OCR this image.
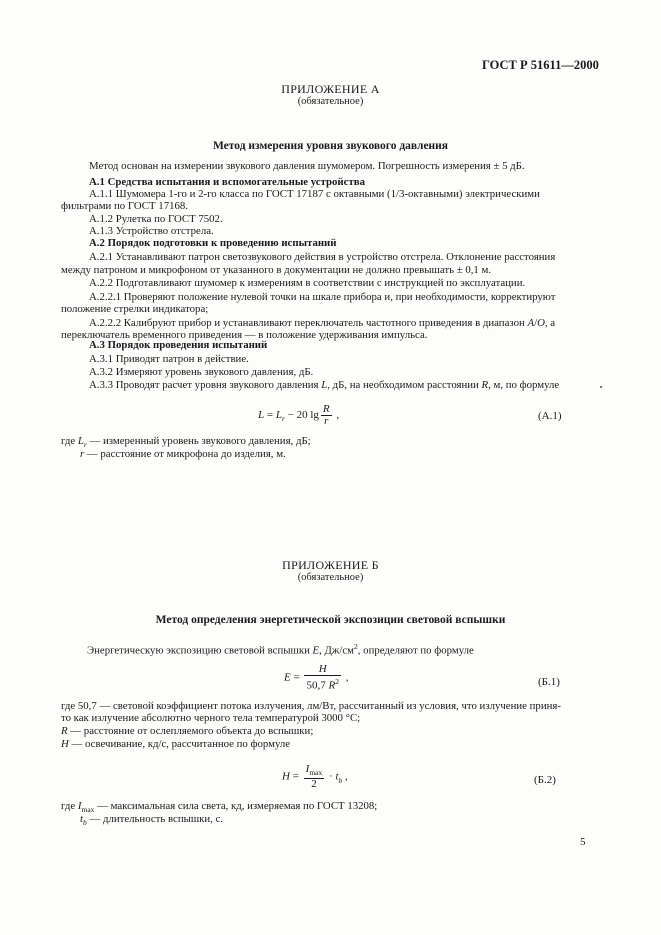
ГОСТ Р 51611—2000
ПРИЛОЖЕНИЕ А
(обязательное)
Метод измерения уровня звукового давления
Метод основан на измерении звукового давления шумомером. Погрешность измерения ± 5 дБ.
А.1 Средства испытания и вспомогательные устройства
А.1.1 Шумомера 1-го и 2-го класса по ГОСТ 17187 с октавными (1/3-октавными) электрическими
фильтрами по ГОСТ 17168.
А.1.2 Рулетка по ГОСТ 7502.
А.1.3 Устройство отстрела.
А.2 Порядок подготовки к проведению испытаний
А.2.1 Устанавливают патрон светозвукового действия в устройство отстрела. Отклонение расстояния
между патроном и микрофоном от указанного в документации не должно превышать ± 0,1 м.
А.2.2 Подготавливают шумомер к измерениям в соответствии с инструкцией по эксплуатации.
А.2.2.1 Проверяют положение нулевой точки на шкале прибора и, при необходимости, корректируют
положение стрелки индикатора;
А.2.2.2 Калибруют прибор и устанавливают переключатель частотного приведения в диапазон А/О, а
переключатель временного приведения — в положение удерживания импульса.
А.3 Порядок проведения испытаний
А.3.1 Приводят патрон в действие.
А.3.2 Измеряют уровень звукового давления, дБ.
А.3.3 Проводят расчет уровня звукового давления L, дБ, на необходимом расстоянии R, м, по формуле
$L = L_r - 20$ $\lg \frac{R}{r}$ ,	(А.1)
где $L_r$ — измеренный уровень звукового давления, дБ;
r — расстояние от микрофона до изделия, м.
ПРИЛОЖЕНИЕ Б
(обязательное)
Метод определения энергетической экспозиции световой вспышки
Энергетическую экспозицию световой вспышки E, $Дж/см^2$, определяют по формуле
$E = \frac{H}{50,7 R^2}$ ,	(Б.1)
где 50,7 — световой коэффициент потока излучения, лм/Вт, рассчитанный из условия, что излучение приня-
то как излучение абсолютно черного тела температурой 3000 °С;
R — расстояние от ослепляемого объекта до вспышки;
H — освечивание, кд/с, рассчитанное по формуле
$H = \frac{I_{max}}{2} \cdot t_b$ ,	(Б.2)
где $I_{max}$ — максимальная сила света, кд, измеряемая по ГОСТ 13208;
$t_b$ — длительность вспышки, с.
5
